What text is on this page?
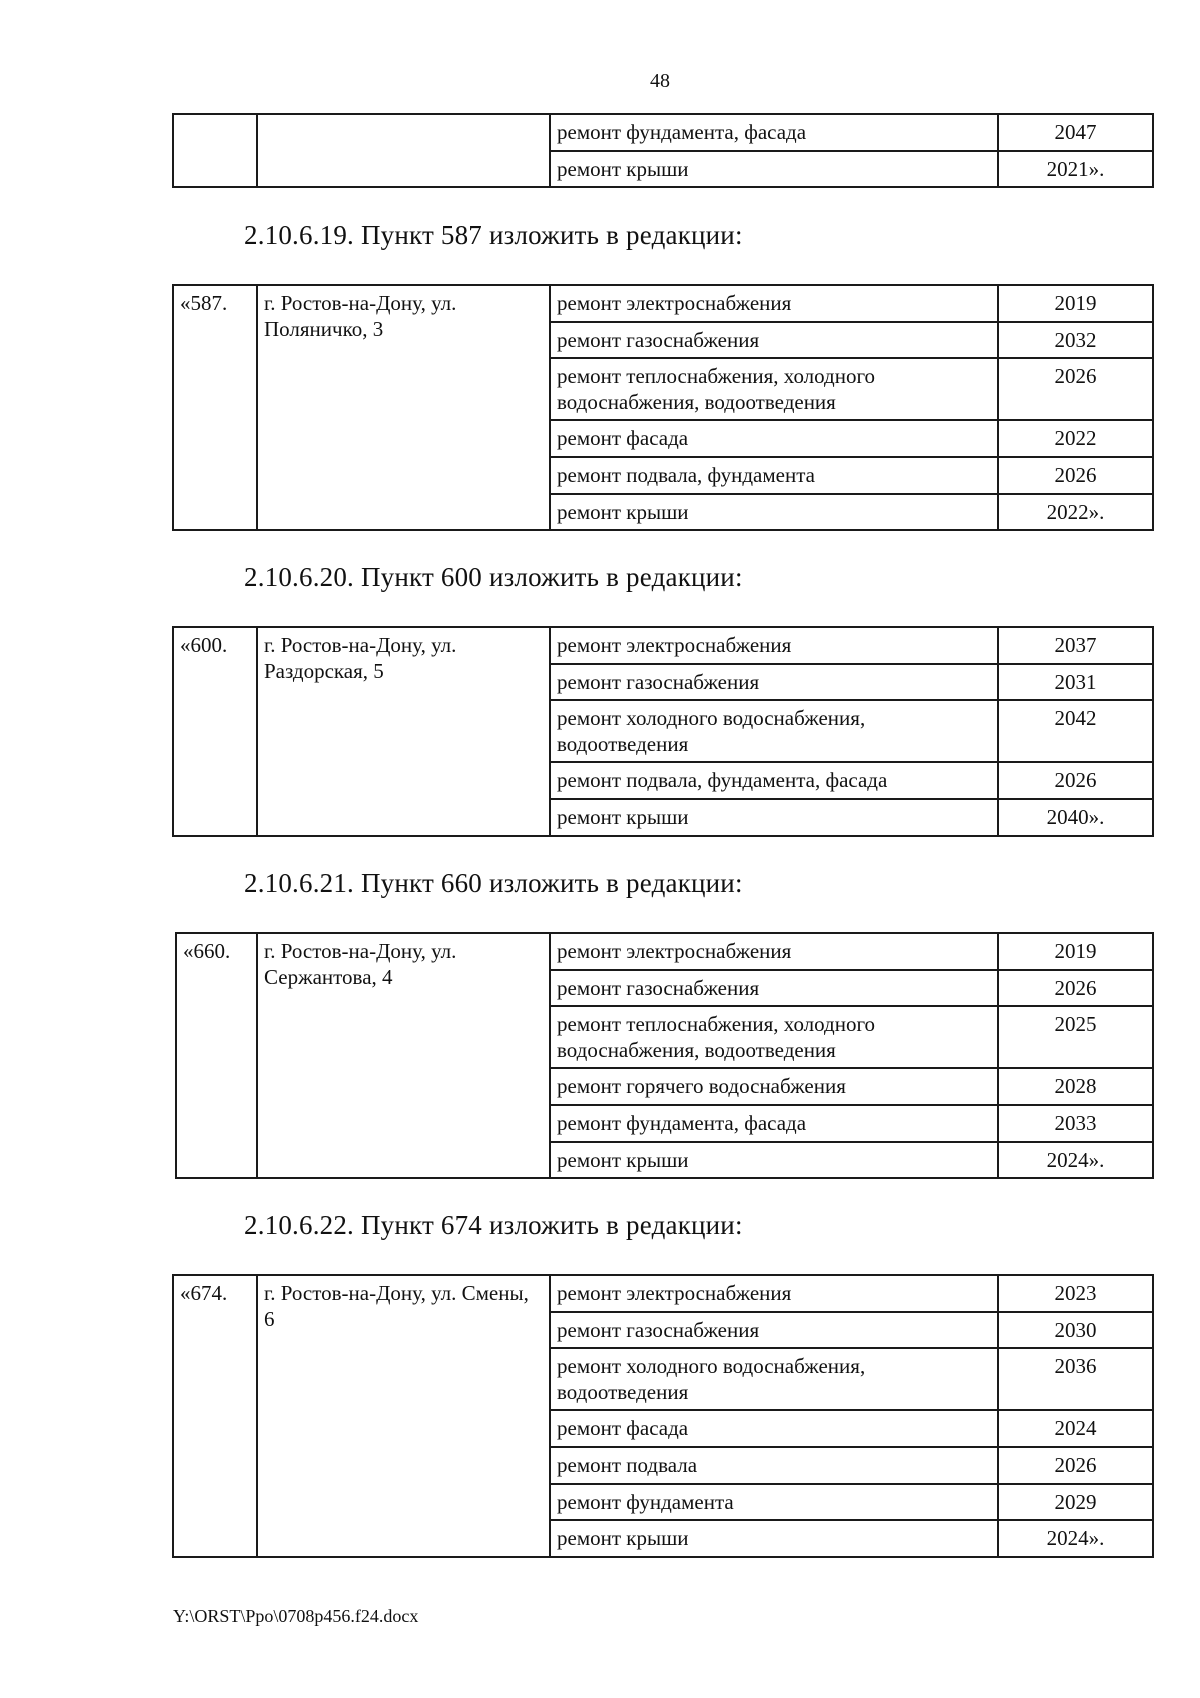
48
		ремонт фундамента, фасада	2047
		ремонт крыши	2021».
2.10.6.19. Пункт 587 изложить в редакции:
«587.	г. Ростов-на-Дону, ул. Поляничко, 3	ремонт электроснабжения	2019
		ремонт газоснабжения	2032
		ремонт теплоснабжения, холодного водоснабжения, водоотведения	2026
		ремонт фасада	2022
		ремонт подвала, фундамента	2026
		ремонт крыши	2022».
2.10.6.20. Пункт 600 изложить в редакции:
«600.	г. Ростов-на-Дону, ул. Раздорская, 5	ремонт электроснабжения	2037
		ремонт газоснабжения	2031
		ремонт холодного водоснабжения, водоотведения	2042
		ремонт подвала, фундамента, фасада	2026
		ремонт крыши	2040».
2.10.6.21. Пункт 660 изложить в редакции:
«660.	г. Ростов-на-Дону, ул. Сержантова, 4	ремонт электроснабжения	2019
		ремонт газоснабжения	2026
		ремонт теплоснабжения, холодного водоснабжения, водоотведения	2025
		ремонт горячего водоснабжения	2028
		ремонт фундамента, фасада	2033
		ремонт крыши	2024».
2.10.6.22. Пункт 674 изложить в редакции:
«674.	г. Ростов-на-Дону, ул. Смены, 6	ремонт электроснабжения	2023
		ремонт газоснабжения	2030
		ремонт холодного водоснабжения, водоотведения	2036
		ремонт фасада	2024
		ремонт подвала	2026
		ремонт фундамента	2029
		ремонт крыши	2024».
Y:\ORST\Ppo\0708p456.f24.docx
